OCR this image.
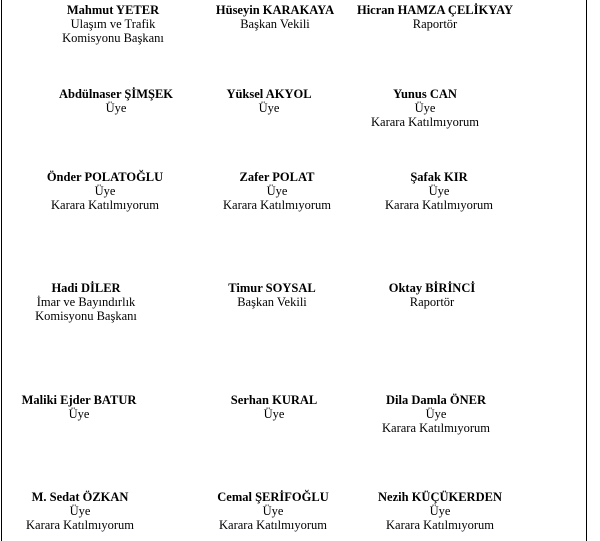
Mahmut YETER
Ulaşım ve Trafik
Komisyonu Başkanı
Hüseyin KARAKAYA
Başkan Vekili
Hicran HAMZA ÇELİKYAY
Raportör
Abdülnaser ŞİMŞEK
Üye
Yüksel AKYOL
Üye
Yunus CAN
Üye
Karara Katılmıyorum
Önder POLATOĞLU
Üye
Karara Katılmıyorum
Zafer POLAT
Üye
Karara Katılmıyorum
Şafak KIR
Üye
Karara Katılmıyorum
Hadi DİLER
İmar ve Bayındırlık
Komisyonu Başkanı
Timur SOYSAL
Başkan Vekili
Oktay BİRİNCİ
Raportör
Maliki Ejder BATUR
Üye
Serhan KURAL
Üye
Dila Damla ÖNER
Üye
Karara Katılmıyorum
M. Sedat ÖZKAN
Üye
Karara Katılmıyorum
Cemal ŞERİFOĞLU
Üye
Karara Katılmıyorum
Nezih KÜÇÜKERDEN
Üye
Karara Katılmıyorum
